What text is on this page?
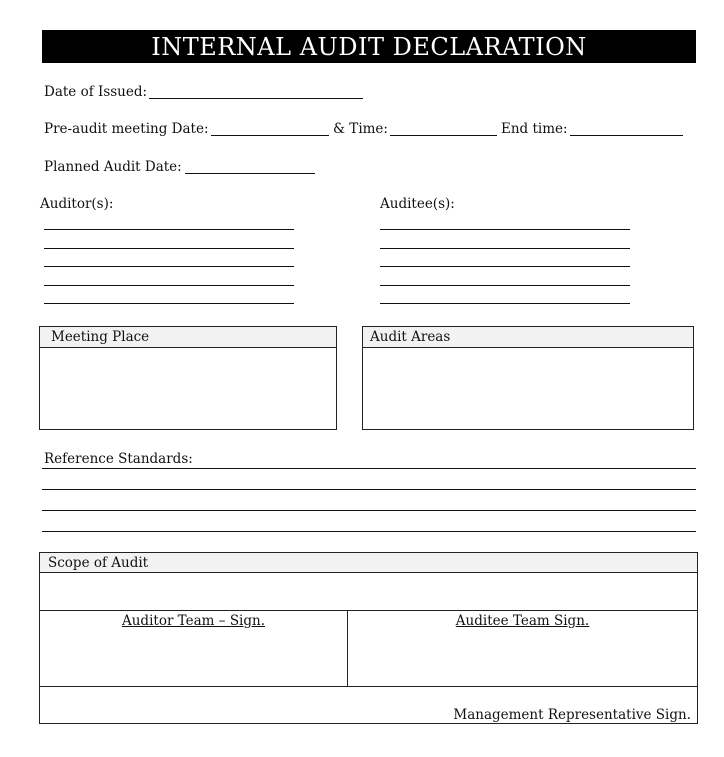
INTERNAL AUDIT DECLARATION
Date of Issued:
Pre-audit meeting Date:	& Time:	End time:
Planned Audit Date:
Auditor(s):	Auditee(s):
Meeting Place	Audit Areas
Reference Standards:
Scope of Audit
Auditor Team – Sign.	Auditee Team Sign.
Management Representative Sign.
